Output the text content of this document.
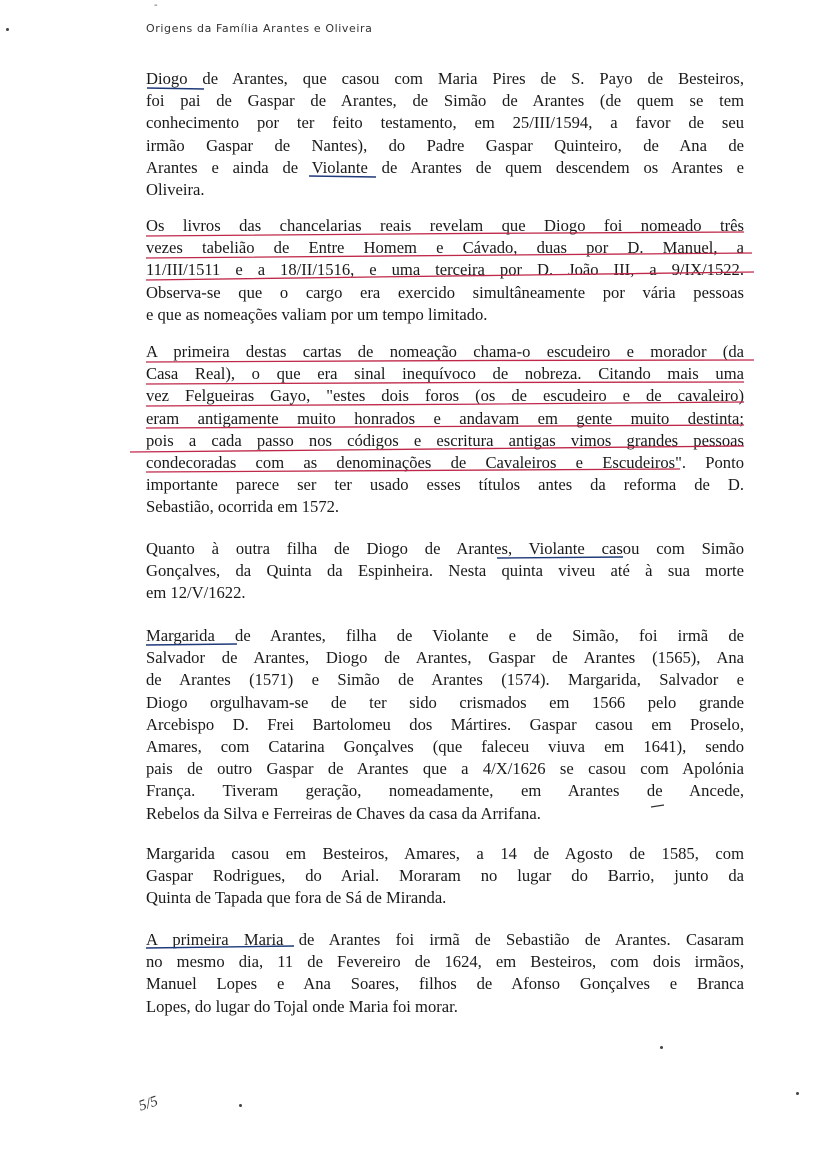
-
Origens da Família Arantes e Oliveira
Diogo de Arantes, que casou com Maria Pires de S. Payo de Besteiros,
foi pai de Gaspar de Arantes, de Simão de Arantes (de quem se tem
conhecimento por ter feito testamento, em 25/III/1594, a favor de seu
irmão Gaspar de Nantes), do Padre Gaspar Quinteiro, de Ana de
Arantes e ainda de Violante de Arantes de quem descendem os Arantes e
Oliveira.
Os livros das chancelarias reais revelam que Diogo foi nomeado três
vezes tabelião de Entre Homem e Cávado, duas por D. Manuel, a
11/III/1511 e a 18/II/1516, e uma terceira por D. João III, a 9/IX/1522.
Observa-se que o cargo era exercido simultâneamente por vária pessoas
e que as nomeações valiam por um tempo limitado.
A primeira destas cartas de nomeação chama-o escudeiro e morador (da
Casa Real), o que era sinal inequívoco de nobreza. Citando mais uma
vez Felgueiras Gayo, "estes dois foros (os de escudeiro e de cavaleiro)
eram antigamente muito honrados e andavam em gente muito destinta;
pois a cada passo nos códigos e escritura antigas vimos grandes pessoas
condecoradas com as denominações de Cavaleiros e Escudeiros". Ponto
importante parece ser ter usado esses títulos antes da reforma de D.
Sebastião, ocorrida em 1572.
Quanto à outra filha de Diogo de Arantes, Violante casou com Simão
Gonçalves, da Quinta da Espinheira. Nesta quinta viveu até à sua morte
em 12/V/1622.
Margarida de Arantes, filha de Violante e de Simão, foi irmã de
Salvador de Arantes, Diogo de Arantes, Gaspar de Arantes (1565), Ana
de Arantes (1571) e Simão de Arantes (1574). Margarida, Salvador e
Diogo orgulhavam-se de ter sido crismados em 1566 pelo grande
Arcebispo D. Frei Bartolomeu dos Mártires. Gaspar casou em Proselo,
Amares, com Catarina Gonçalves (que faleceu viuva em 1641), sendo
pais de outro Gaspar de Arantes que a 4/X/1626 se casou com Apolónia
França. Tiveram geração, nomeadamente, em Arantes de Ancede,
Rebelos da Silva e Ferreiras de Chaves da casa da Arrifana.
Margarida casou em Besteiros, Amares, a 14 de Agosto de 1585, com
Gaspar Rodrigues, do Arial. Moraram no lugar do Barrio, junto da
Quinta de Tapada que fora de Sá de Miranda.
A primeira Maria de Arantes foi irmã de Sebastião de Arantes. Casaram
no mesmo dia, 11 de Fevereiro de 1624, em Besteiros, com dois irmãos,
Manuel Lopes e Ana Soares, filhos de Afonso Gonçalves e Branca
Lopes, do lugar do Tojal onde Maria foi morar.
5/5
